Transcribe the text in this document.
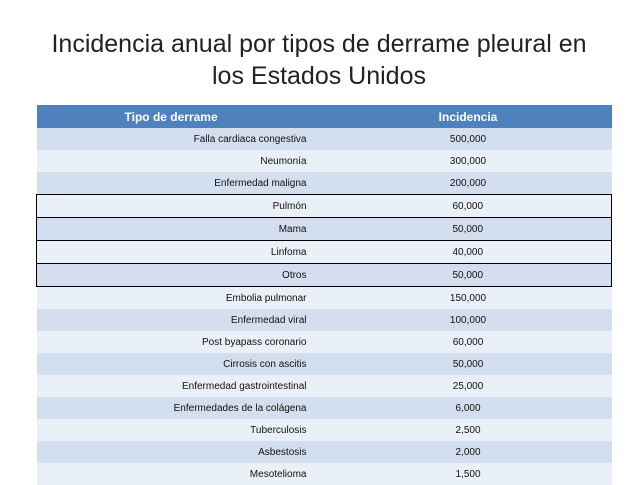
Incidencia anual por tipos de derrame pleural en
los Estados Unidos
Tipo de derrame	Incidencia
Falla cardiaca congestiva	500,000
Neumonía	300,000
Enfermedad maligna	200,000
Pulmón	60,000
Mama	50,000
Linfoma	40,000
Otros	50,000
Embolia pulmonar	150,000
Enfermedad viral	100,000
Post byapass coronario	60,000
Cirrosis con ascitis	50,000
Enfermedad gastrointestinal	25,000
Enfermedades de la colágena	6,000
Tuberculosis	2,500
Asbestosis	2,000
Mesotelioma	1,500
